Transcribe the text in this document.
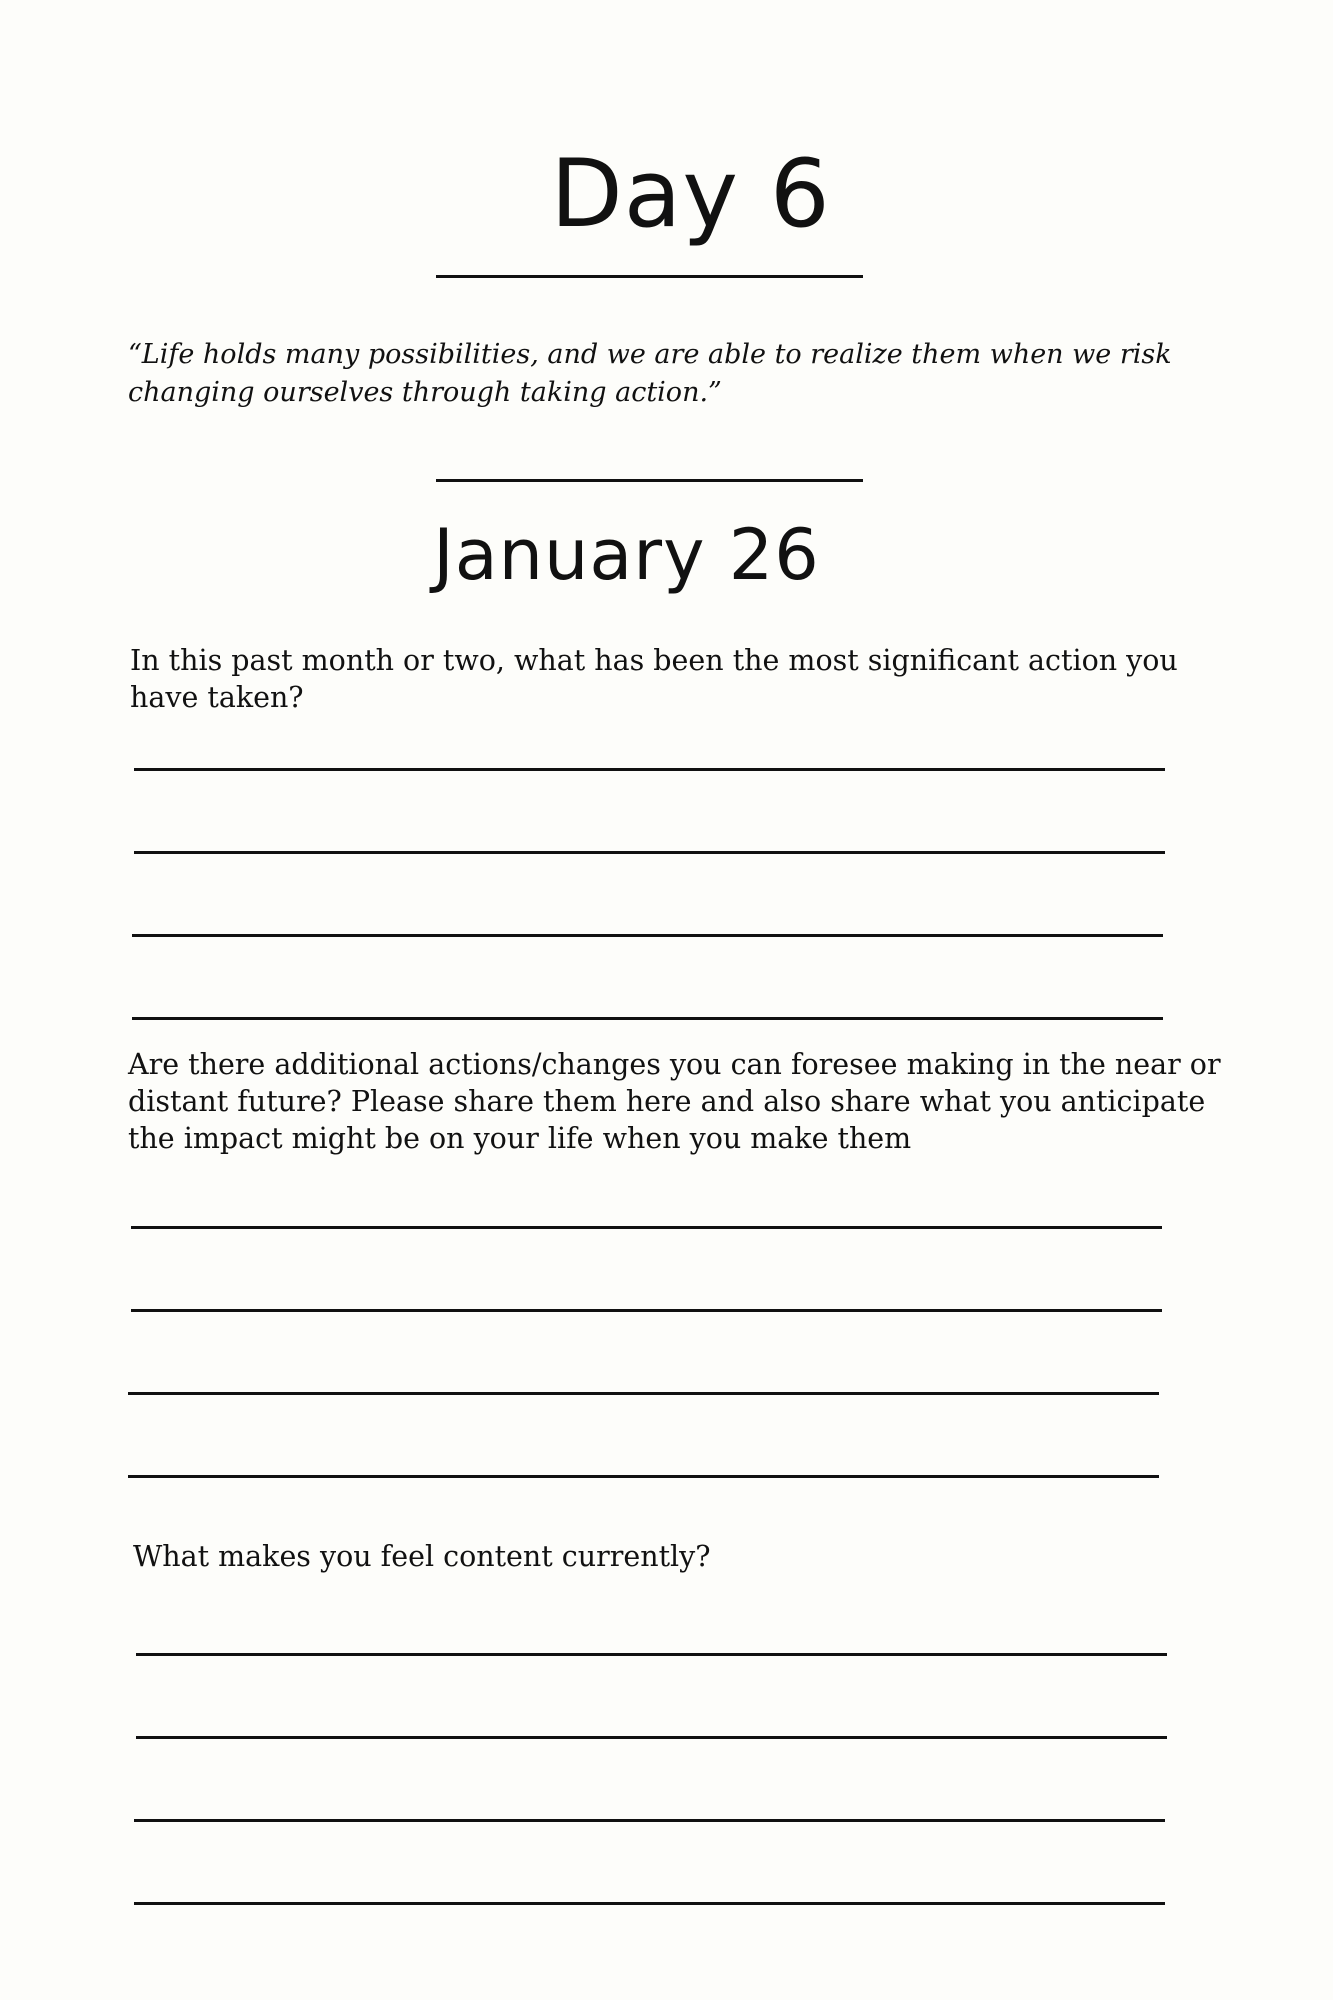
Day 6

“Life holds many possibilities, and we are able to realize them when we risk changing ourselves through taking action.”

January 26

In this past month or two, what has been the most significant action you have taken?

Are there additional actions/changes you can foresee making in the near or distant future? Please share them here and also share what you anticipate the impact might be on your life when you make them

What makes you feel content currently?
